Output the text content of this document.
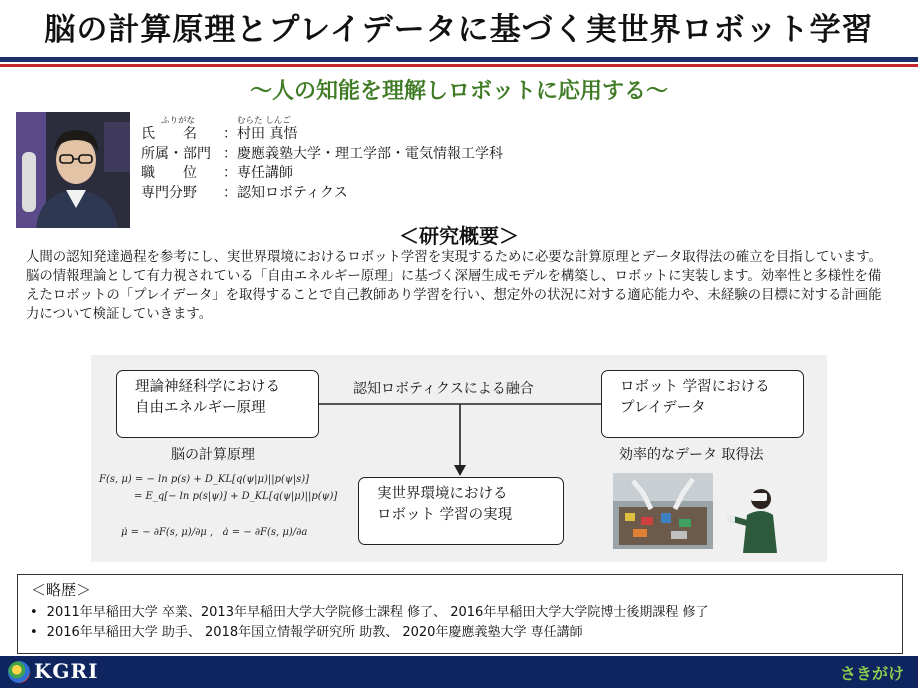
脳の計算原理とプレイデータに基づく実世界ロボット学習
～人の知能を理解しロボットに応用する～
ふりがな	むらた しんご
氏　　名	：村田 真悟
所属・部門 ：慶應義塾大学・理工学部・電気情報工学科
職　　位	：専任講師
専門分野	：認知ロボティクス
＜研究概要＞

人間の認知発達過程を参考にし、実世界環境におけるロボット学習を実現するために必要な計算原理とデータ取得法の確立を目指しています。

脳の情報理論として有力視されている「自由エネルギー原理」に基づく深層生成モデルを構築し、ロボットに実装します。効率性と多様性を備えたロボットの「プレイデータ」を取得することで自己教師あり学習を行い、想定外の状況に対する適応能力や、未経験の目標に対する計画能力について検証していきます。

理論神経科学における
自由エネルギー原理
ロボット 学習における
プレイデータ
認知ロボティクスによる融合
実世界環境における
ロボット 学習の実現
脳の計算原理	効率的なデータ 取得法
F(s, μ) = − ln p(s) + D_KL[q(ψ|μ)||p(ψ|s)]
= E_q[− ln p(s|ψ)] + D_KL[q(ψ|μ)||p(ψ)]
μ̇ = − ∂F(s, μ)/∂μ ,   ȧ = − ∂F(s, μ)/∂a
＜略歴＞
• 2011年早稲田大学 卒業、2013年早稲田大学大学院修士課程 修了、 2016年早稲田大学大学院博士後期課程 修了
• 2016年早稲田大学 助手、 2018年国立情報学研究所 助教、 2020年慶應義塾大学 専任講師
KGRI	さきがけ
